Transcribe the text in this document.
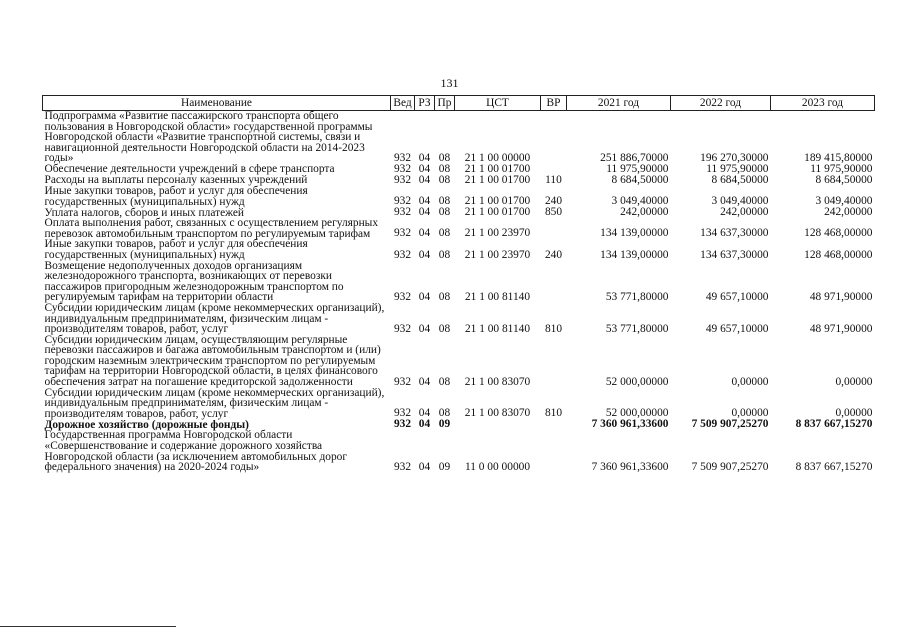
131
Наименование	Вед	РЗ	Пр	ЦСТ	ВР	2021 год	2022 год	2023 год
Подпрограмма «Развитие пассажирского транспорта общего пользования в Новгородской области» государственной программы Новгородской области «Развитие транспортной системы, связи и навигационной деятельности Новгородской области на 2014-2023 годы»	932	04	08	21 1 00 00000		251 886,70000	196 270,30000	189 415,80000
Обеспечение деятельности учреждений в сфере транспорта	932	04	08	21 1 00 01700		11 975,90000	11 975,90000	11 975,90000
Расходы на выплаты персоналу казенных учреждений	932	04	08	21 1 00 01700	110	8 684,50000	8 684,50000	8 684,50000
Иные закупки товаров, работ и услуг для обеспечения государственных (муниципальных) нужд	932	04	08	21 1 00 01700	240	3 049,40000	3 049,40000	3 049,40000
Уплата налогов, сборов и иных платежей	932	04	08	21 1 00 01700	850	242,00000	242,00000	242,00000
Оплата выполнения работ, связанных с осуществлением регулярных перевозок автомобильным транспортом по регулируемым тарифам	932	04	08	21 1 00 23970		134 139,00000	134 637,30000	128 468,00000
Иные закупки товаров, работ и услуг для обеспечения государственных (муниципальных) нужд	932	04	08	21 1 00 23970	240	134 139,00000	134 637,30000	128 468,00000
Возмещение недополученных доходов организациям железнодорожного транспорта, возникающих от перевозки пассажиров пригородным железнодорожным транспортом по регулируемым тарифам на территории области	932	04	08	21 1 00 81140		53 771,80000	49 657,10000	48 971,90000
Субсидии юридическим лицам (кроме некоммерческих организаций), индивидуальным предпринимателям, физическим лицам - производителям товаров, работ, услуг	932	04	08	21 1 00 81140	810	53 771,80000	49 657,10000	48 971,90000
Субсидии юридическим лицам, осуществляющим регулярные перевозки пассажиров и багажа автомобильным транспортом и (или) городским наземным электрическим транспортом по регулируемым тарифам на территории Новгородской области, в целях финансового обеспечения затрат на погашение кредиторской задолженности	932	04	08	21 1 00 83070		52 000,00000	0,00000	0,00000
Субсидии юридическим лицам (кроме некоммерческих организаций), индивидуальным предпринимателям, физическим лицам - производителям товаров, работ, услуг	932	04	08	21 1 00 83070	810	52 000,00000	0,00000	0,00000
Дорожное хозяйство (дорожные фонды)	932	04	09			7 360 961,33600	7 509 907,25270	8 837 667,15270
Государственная программа Новгородской области «Совершенствование и содержание дорожного хозяйства Новгородской области (за исключением автомобильных дорог федерального значения) на 2020-2024 годы»	932	04	09	11 0 00 00000		7 360 961,33600	7 509 907,25270	8 837 667,15270
